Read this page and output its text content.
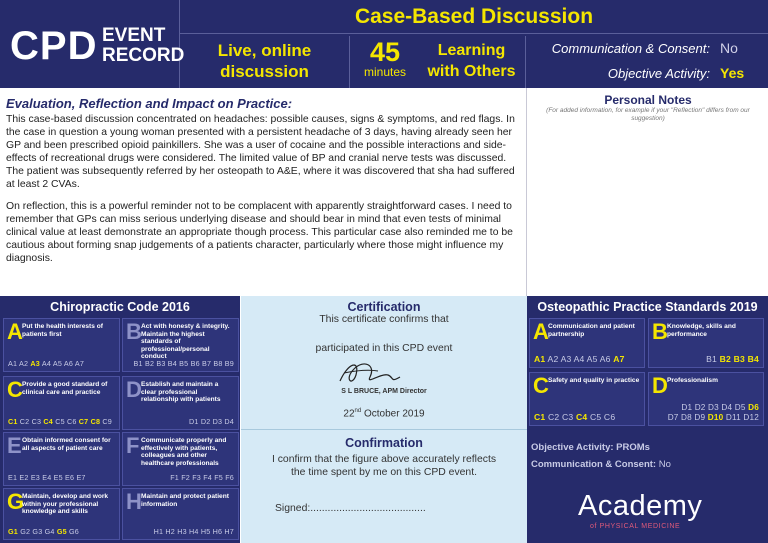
CPD EVENT
RECORD
Case-Based Discussion
Live, online
discussion
45
minutes
Learning
with Others
Communication & Consent: No
Objective Activity: Yes
Evaluation, Reflection and Impact on Practice:

This case-based discussion concentrated on headaches: possible causes, signs & symptoms, and red flags. In the case in question a young woman presented with a persistent headache of 3 days, having already seen her GP and been prescribed opioid painkillers. She was a user of cocaine and the possible interactions and side-effects of recreational drugs were considered. The limited value of BP and cranial nerve tests was discussed. The patient was subsequently referred by her osteopath to A&E, where it was discovered that sha had suffered at least 2 CVAs.

On reflection, this is a powerful reminder not to be complacent with apparently straightforward cases. I need to remember that GPs can miss serious underlying disease and should bear in mind that even tests of minimal clinical value at least demonstrate an appropriate though process. This particular case also reminded me to be cautious about forming snap judgements of a patients character, particularly where those might influence my diagnosis.

Personal Notes
(For added information, for example if your "Reflection" differs from our suggestion)
Chiropractic Code 2016
A Put the health interests of patients first
A1 A2 A3 A4 A5 A6 A7
B Act with honesty & integrity. Maintain the highest standards of professional/personal conduct
B1 B2 B3 B4 B5 B6 B7 B8 B9
C Provide a good standard of clinical care and practice
C1 C2 C3 C4 C5 C6 C7 C8 C9
D Establish and maintain a clear professional relationship with patients
D1 D2 D3 D4
E Obtain informed consent for all aspects of patient care
E1 E2 E3 E4 E5 E6 E7
F Communicate properly and effectively with patients, colleagues and other healthcare professionals
F1 F2 F3 F4 F5 F6
G
Maintain, develop and work within your professional knowledge and skills
G1 G2 G3 G4 G5 G6
H Maintain and protect patient information
H1 H2 H3 H4 H5 H6 H7
Certification
This certificate confirms that
participated in this CPD event
Confirmation
I confirm that the figure above accurately reflects
the time spent by me on this CPD event.
S L BRUCE, APM Director
22nd October 2019
Signed:........................................
Osteopathic Practice Standards 2019
A Communication and patient partnership
A1 A2 A3 A4 A5 A6 A7
B Knowledge, skills and performance
B1 B2 B3 B4
C Safety and quality in practice
C1 C2 C3 C4 C5 C6
D Professionalism
D1 D2 D3 D4 D5 D6
D7 D8 D9 D10 D11 D12
Objective Activity: PROMs
Communication & Consent: No
Academy
of PHYSICAL MEDICINE
